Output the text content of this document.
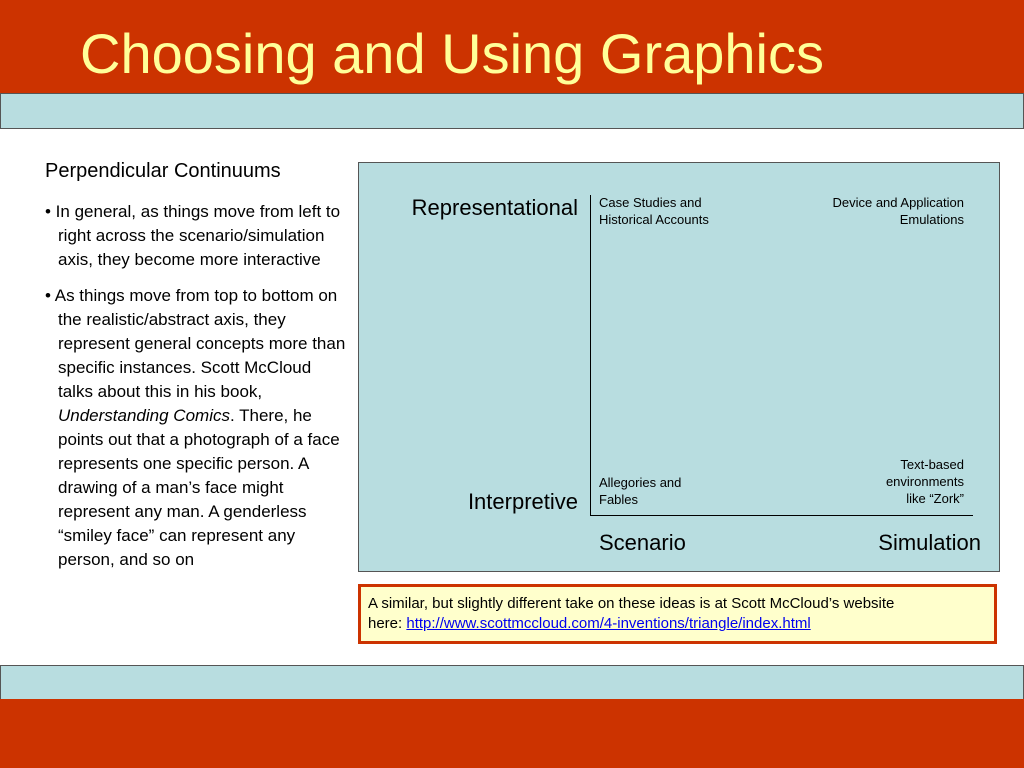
Choosing and Using Graphics
Perpendicular Continuums
• In general, as things move from left to right across the scenario/simulation axis, they become more interactive
• As things move from top to bottom on the realistic/abstract axis, they represent general concepts more than specific instances. Scott McCloud talks about this in his book, Understanding Comics. There, he points out that a photograph of a face represents one specific person. A drawing of a man’s face might represent any man. A genderless “smiley face” can represent any person, and so on
Representational
Interpretive
Scenario	Simulation
Case Studies and
Historical Accounts
Device and Application
Emulations
Allegories and
Fables
Text-based
environments
like “Zork”
A similar, but slightly different take on these ideas is at Scott McCloud’s website
here: http://www.scottmccloud.com/4-inventions/triangle/index.html
